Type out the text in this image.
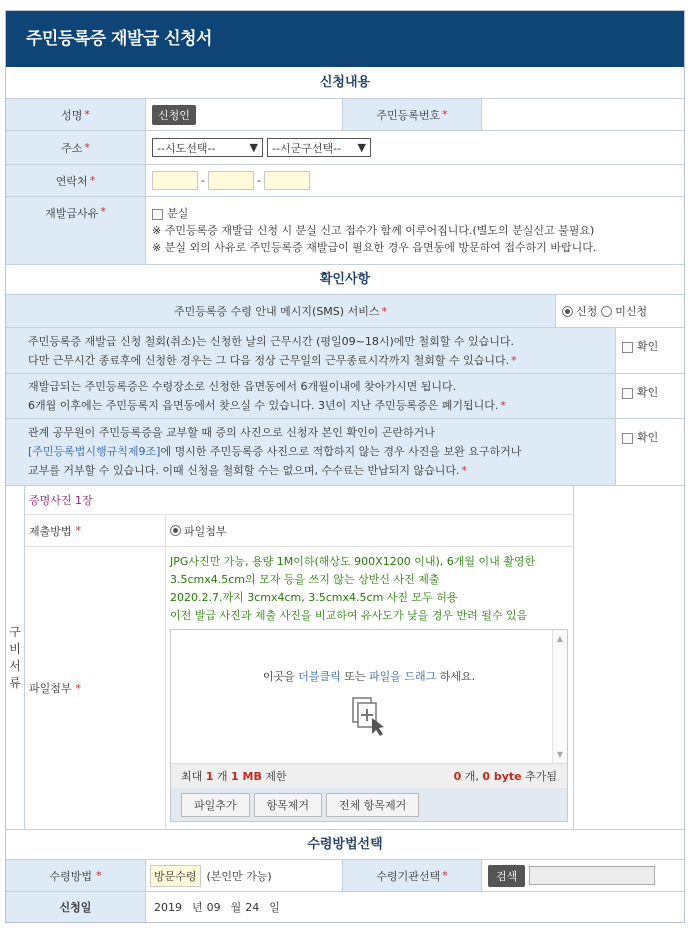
주민등록증 재발급 신청서
신청내용
성명 *	신청인	주민등록번호 *
주소 *	--시도선택--	▼ --시군구선택-- ▼
연락처 *	-	-
재발급사유 *	분실
※ 주민등록증 재발급 신청 시 분실 신고 접수가 함께 이루어집니다.(별도의 분실신고 불필요)
※ 분실 외의 사유로 주민등록증 재발급이 필요한 경우 읍면동에 방문하여 접수하기 바랍니다.
확인사항
주민등록증 수령 안내 메시지(SMS) 서비스 *	신청 미신청
주민등록증 재발급 신청 철회(취소)는 신청한 날의 근무시간 (평일09~18시)에만 철회할 수 있습니다.
다만 근무시간 종료후에 신청한 경우는 그 다음 정상 근무일의 근무종료시각까지 철회할 수 있습니다. *
확인
재발급되는 주민등록증은 수령장소로 신청한 읍면동에서 6개월이내에 찾아가시면 됩니다.
6개월 이후에는 주민등록지 읍면동에서 찾으실 수 있습니다. 3년이 지난 주민등록증은 폐기됩니다. *
확인
관계 공무원이 주민등록증을 교부할 때 증의 사진으로 신청자 본인 확인이 곤란하거나
[주민등록법시행규칙제9조]에 명시한 주민등록증 사진으로 적합하지 않는 경우 사진을 보완 요구하거나
교부를 거부할 수 있습니다. 이때 신청을 철회할 수는 없으며, 수수료는 반납되지 않습니다. *
확인
구
비
서
류
증명사진 1장
제출방법 *	파일첨부
파일첨부 *
JPG사진만 가능, 용량 1M이하(해상도 900X1200 이내), 6개월 이내 촬영한
3.5cmx4.5cm의 모자 등을 쓰지 않는 상반신 사진 제출
2020.2.7.까지 3cmx4cm, 3.5cmx4.5cm 사진 모두 허용
이전 발급 사진과 제출 사진을 비교하여 유사도가 낮을 경우 반려 될수 있음
이곳을 더블클릭 또는 파일을 드래그 하세요.
▲
▼
최대 1 개 1 MB 제한	0 개, 0 byte 추가됨
파일추가	항목제거	전체 항목제거
수령방법선택
수령방법 *	방문수령 (본인만 가능)	수령기관선택 *	검색
신청일	2019 년 09 월 24 일
